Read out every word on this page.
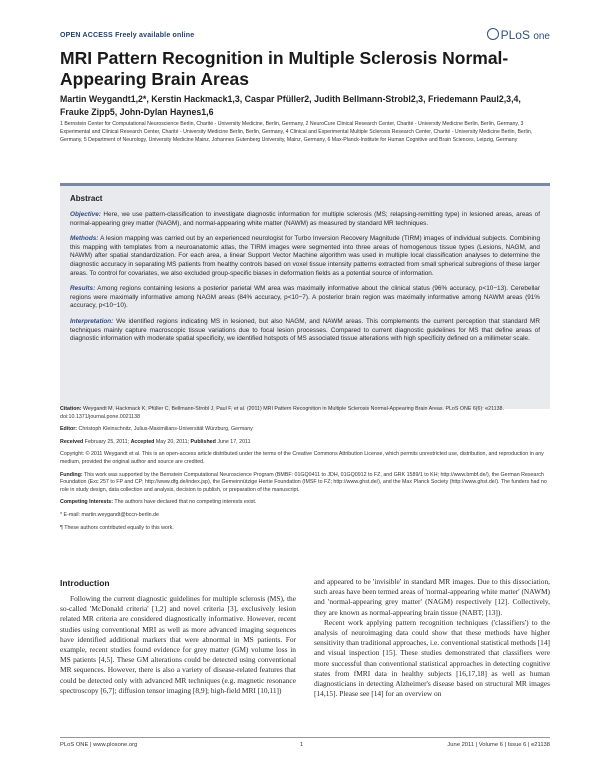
OPEN ACCESS Freely available online	PLoS one
MRI Pattern Recognition in Multiple Sclerosis Normal-Appearing Brain Areas
Martin Weygandt1,2*, Kerstin Hackmack1,3, Caspar Pfüller2, Judith Bellmann-Strobl2,3, Friedemann Paul2,3,4, Frauke Zipp5, John-Dylan Haynes1,6
1 Bernstein Center for Computational Neuroscience Berlin, Charité - University Medicine, Berlin, Germany, 2 NeuroCure Clinical Research Center, Charité - University Medicine Berlin, Berlin, Germany, 3 Experimental and Clinical Research Center, Charité - University Medicine Berlin, Berlin, Germany, 4 Clinical and Experimental Multiple Sclerosis Research Center, Charité - University Medicine Berlin, Berlin, Germany, 5 Department of Neurology, University Medicine Mainz, Johannes Gutenberg University, Mainz, Germany, 6 Max-Planck-Institute for Human Cognitive and Brain Sciences, Leipzig, Germany
Abstract

Objective: Here, we use pattern-classification to investigate diagnostic information for multiple sclerosis (MS; relapsing-remitting type) in lesioned areas, areas of normal-appearing grey matter (NAGM), and normal-appearing white matter (NAWM) as measured by standard MR techniques.

Methods: A lesion mapping was carried out by an experienced neurologist for Turbo Inversion Recovery Magnitude (TIRM) images of individual subjects. Combining this mapping with templates from a neuroanatomic atlas, the TIRM images were segmented into three areas of homogenous tissue types (Lesions, NAGM, and NAWM) after spatial standardization. For each area, a linear Support Vector Machine algorithm was used in multiple local classification analyses to determine the diagnostic accuracy in separating MS patients from healthy controls based on voxel tissue intensity patterns extracted from small spherical subregions of these larger areas. To control for covariates, we also excluded group-specific biases in deformation fields as a potential source of information.

Results: Among regions containing lesions a posterior parietal WM area was maximally informative about the clinical status (96% accuracy, p<10−13). Cerebellar regions were maximally informative among NAGM areas (84% accuracy, p<10−7). A posterior brain region was maximally informative among NAWM areas (91% accuracy, p<10−10).

Interpretation: We identified regions indicating MS in lesioned, but also NAGM, and NAWM areas. This complements the current perception that standard MR techniques mainly capture macroscopic tissue variations due to focal lesion processes. Compared to current diagnostic guidelines for MS that define areas of diagnostic information with moderate spatial specificity, we identified hotspots of MS associated tissue alterations with high specificity defined on a millimeter scale.

Citation: Weygandt M, Hackmack K, Pfüller C, Bellmann-Strobl J, Paul F, et al. (2011) MRI Pattern Recognition in Multiple Sclerosis Normal-Appearing Brain Areas. PLoS ONE 6(6): e21138. doi:10.1371/journal.pone.0021138

Editor: Christoph Kleinschnitz, Julius-Maximilians-Universität Würzburg, Germany

Received February 25, 2011; Accepted May 20, 2011; Published June 17, 2011

Copyright: © 2011 Weygandt et al. This is an open-access article distributed under the terms of the Creative Commons Attribution License, which permits unrestricted use, distribution, and reproduction in any medium, provided the original author and source are credited.

Funding: This work was supported by the Bernstein Computational Neuroscience Program (BMBF: 01GQ0411 to JDH, 01GQ0912 to FZ, and GRK 1589/1 to KH; http://www.bmbf.de/), the German Research Foundation (Exc 257 to FP and CP; http://www.dfg.de/index.jsp), the Gemeinnützige Hertie Foundation (IMSF to FZ; http://www.ghst.de/), and the Max Planck Society (http://www.ghst.de/). The funders had no role in study design, data collection and analysis, decision to publish, or preparation of the manuscript.

Competing Interests: The authors have declared that no competing interests exist.

* E-mail: martin.weygandt@bccn-berlin.de

¶ These authors contributed equally to this work.

Introduction

Following the current diagnostic guidelines for multiple sclerosis (MS), the so-called 'McDonald criteria' [1,2] and novel criteria [3], exclusively lesion related MR criteria are considered diagnostically informative. However, recent studies using conventional MRI as well as more advanced imaging sequences have identified additional markers that were abnormal in MS patients. For example, recent studies found evidence for grey matter (GM) volume loss in MS patients [4,5]. These GM alterations could be detected using conventional MR sequences. However, there is also a variety of disease-related features that could be detected only with advanced MR techniques (e.g. magnetic resonance spectroscopy [6,7]; diffusion tensor imaging [8,9]; high-field MRI [10,11])

and appeared to be 'invisible' in standard MR images. Due to this dissociation, such areas have been termed areas of 'normal-appearing white matter' (NAWM) and 'normal-appearing grey matter' (NAGM) respectively [12]. Collectively, they are known as normal-appearing brain tissue (NABT; [13]).

Recent work applying pattern recognition techniques ('classifiers') to the analysis of neuroimaging data could show that these methods have higher sensitivity than traditional approaches, i.e. conventional statistical methods [14] and visual inspection [15]. These studies demonstrated that classifiers were more successful than conventional statistical approaches in detecting cognitive states from fMRI data in healthy subjects [16,17,18] as well as human diagnosticians in detecting Alzheimer's disease based on structural MR images [14,15]. Please see [14] for an overview on

PLoS ONE | www.plosone.org	1	June 2011 | Volume 6 | Issue 6 | e21138
